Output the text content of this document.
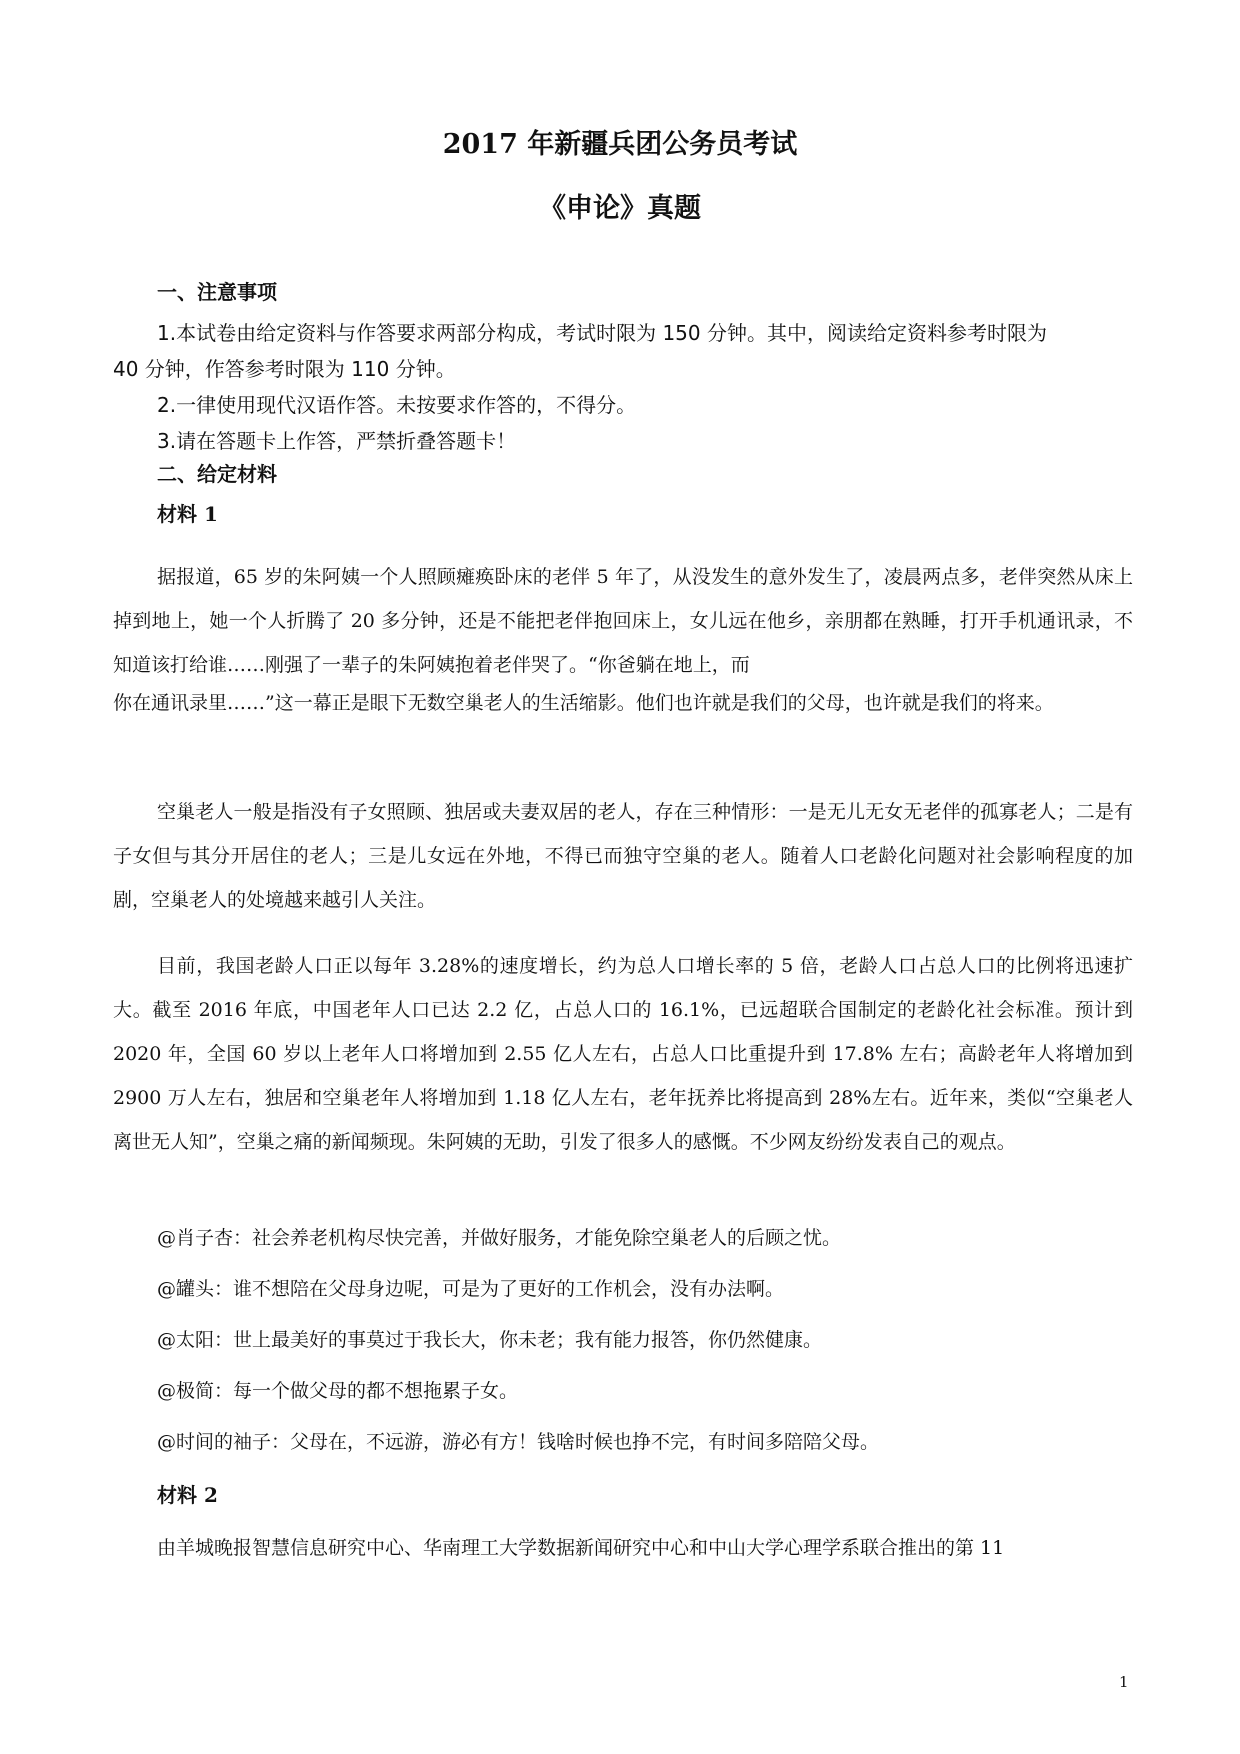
2017 年新疆兵团公务员考试
《申论》真题
一、注意事项
1.本试卷由给定资料与作答要求两部分构成，考试时限为 150 分钟。其中，阅读给定资料参考时限为
40 分钟，作答参考时限为 110 分钟。
2.一律使用现代汉语作答。未按要求作答的，不得分。
3.请在答题卡上作答，严禁折叠答题卡！
二、给定材料
材料 1
据报道，65 岁的朱阿姨一个人照顾瘫痪卧床的老伴 5 年了，从没发生的意外发生了，凌晨两点多，老伴突然从床上掉到地上，她一个人折腾了 20 多分钟，还是不能把老伴抱回床上，女儿远在他乡，亲朋都在熟睡，打开手机通讯录，不知道该打给谁……刚强了一辈子的朱阿姨抱着老伴哭了。“你爸躺在地上，而
你在通讯录里……”这一幕正是眼下无数空巢老人的生活缩影。他们也许就是我们的父母，也许就是我们的将来。
空巢老人一般是指没有子女照顾、独居或夫妻双居的老人，存在三种情形：一是无儿无女无老伴的孤寡老人；二是有子女但与其分开居住的老人；三是儿女远在外地，不得已而独守空巢的老人。随着人口老龄化问题对社会影响程度的加剧，空巢老人的处境越来越引人关注。
目前，我国老龄人口正以每年 3.28%的速度增长，约为总人口增长率的 5 倍，老龄人口占总人口的比例将迅速扩大。截至 2016 年底，中国老年人口已达 2.2 亿，占总人口的 16.1%，已远超联合国制定的老龄化社会标准。预计到 2020 年，全国 60 岁以上老年人口将增加到 2.55 亿人左右，占总人口比重提升到 17.8% 左右；高龄老年人将增加到 2900 万人左右，独居和空巢老年人将增加到 1.18 亿人左右，老年抚养比将提高到 28%左右。近年来，类似“空巢老人离世无人知”，空巢之痛的新闻频现。朱阿姨的无助，引发了很多人的感慨。不少网友纷纷发表自己的观点。
@肖子杏：社会养老机构尽快完善，并做好服务，才能免除空巢老人的后顾之忧。
@罐头：谁不想陪在父母身边呢，可是为了更好的工作机会，没有办法啊。
@太阳：世上最美好的事莫过于我长大，你未老；我有能力报答，你仍然健康。
@极简：每一个做父母的都不想拖累子女。
@时间的袖子：父母在，不远游，游必有方！钱啥时候也挣不完，有时间多陪陪父母。
材料 2
由羊城晚报智慧信息研究中心、华南理工大学数据新闻研究中心和中山大学心理学系联合推出的第 11
1
